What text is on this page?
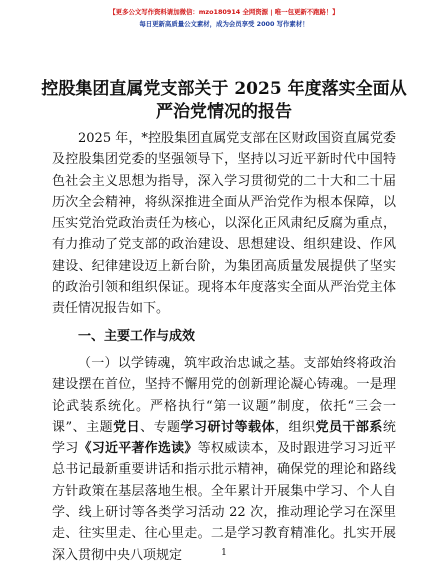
【更多公文写作资料请加微信：mzo180914 全网资源 | 唯一包更新不跑路！】
每日更新高质量公文素材，成为会员享受 2000 写作素材！
控股集团直属党支部关于 2025 年度落实全面从严治党情况的报告

2025 年，*控股集团直属党支部在区财政国资直属党委及控股集团党委的坚强领导下，坚持以习近平新时代中国特色社会主义思想为指导，深入学习贯彻党的二十大和二十届历次全会精神，将纵深推进全面从严治党作为根本保障，以压实党治党政治责任为核心，以深化正风肃纪反腐为重点，有力推动了党支部的政治建设、思想建设、组织建设、作风建设、纪律建设迈上新台阶，为集团高质量发展提供了坚实的政治引领和组织保证。现将本年度落实全面从严治党主体责任情况报告如下。

一、主要工作与成效

（一）以学铸魂，筑牢政治忠诚之基。支部始终将政治建设摆在首位，坚持不懈用党的创新理论凝心铸魂。一是理论武装系统化。严格执行“第一议题”制度，依托“三会一课”、主题党日、专题学习研讨等载体，组织党员干部系统学习《习近平著作选读》等权威读本，及时跟进学习习近平总书记最新重要讲话和指示批示精神，确保党的理论和路线方针政策在基层落地生根。全年累计开展集中学习、个人自学、线上研讨等各类学习活动 22 次，推动理论学习在深里走、往实里走、往心里走。二是学习教育精准化。扎实开展深入贯彻中央八项规定	1
